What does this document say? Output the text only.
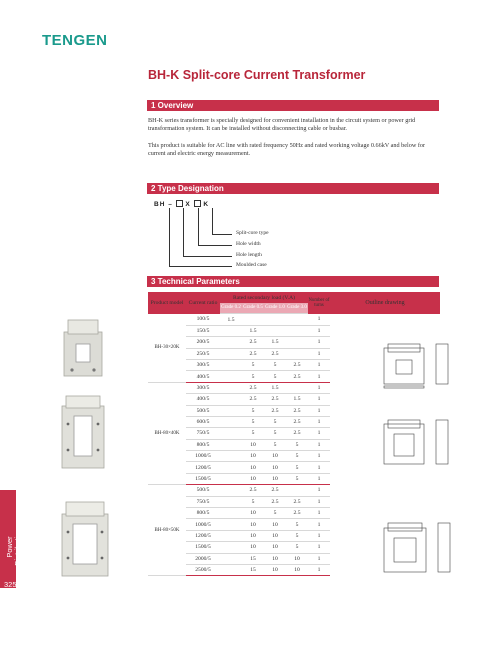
TENGEN
BH-K Split-core Current Transformer
1 Overview
BH-K series transformer is specially designed for convenient installation in the circuit system or power grid transformation system. It can be installed without disconnecting cable or busbar.
This product is suitable for AC line with rated frequency 50Hz and rated working voltage 0.66kV and below for current and electric energy measurement.
2 Type Designation
BH –  X  K
Split-core type
Hole width
Hole length
Moulded case
3 Technical Parameters
Product model	Current ratio	Rated secondary load (V.A)				Number of turns	Outline drawing
		Grade 0.2	Grade 0.5	Grade 1.0	Grade 3.0		
BH-30×20K	100/5	1.5				1	
	150/5		1.5			1	
	200/5		2.5	1.5		1	
	250/5		2.5	2.5		1	
	300/5		5	5	2.5	1	
	400/5		5	5	2.5	1	
BH-80×40K	300/5		2.5	1.5		1	
	400/5		2.5	2.5	1.5	1	
	500/5		5	2.5	2.5	1	
	600/5		5	5	2.5	1	
	750/5		5	5	2.5	1	
	800/5		10	5	5	1	
	1000/5		10	10	5	1	
	1200/5		10	10	5	1	
	1500/5		10	10	5	1	
BH-80×50K	500/5		2.5	2.5		1	
	750/5		5	2.5	2.5	1	
	800/5		10	5	2.5	1	
	1000/5		10	10	5	1	
	1200/5		10	10	5	1	
	1500/5		10	10	5	1	
	2000/5		15	10	10	1	
	2500/5		15	10	10	1	
Power Distribution Electrics
325
